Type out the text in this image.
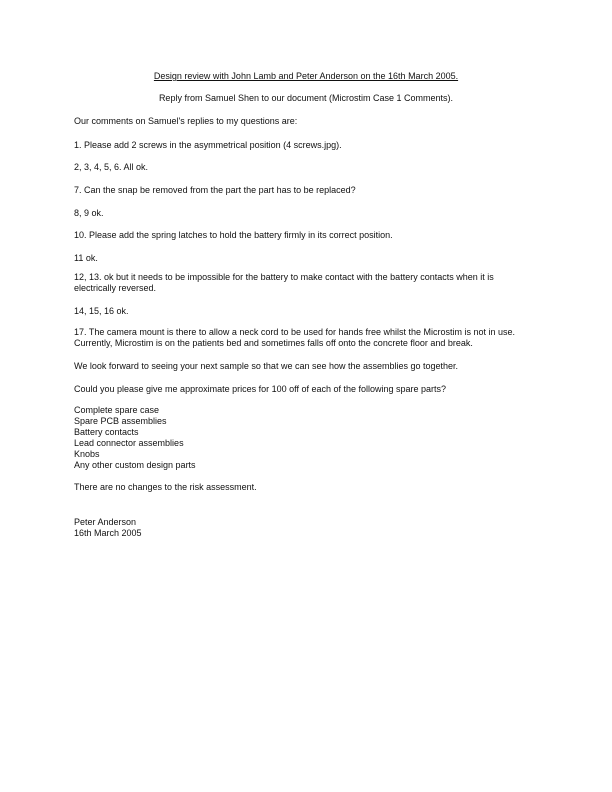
Design review with John Lamb and Peter Anderson on the 16th March 2005.
Reply from Samuel Shen to our document (Microstim Case 1 Comments).
Our comments on Samuel's replies to my questions are:
1. Please add 2 screws in the asymmetrical position (4 screws.jpg).
2, 3, 4, 5, 6. All ok.
7. Can the snap be removed from the part the part has to be replaced?
8, 9 ok.
10. Please add the spring latches to hold the battery firmly in its correct position.
11 ok.
12, 13. ok but it needs to be impossible for the battery to make contact with the battery contacts when it is electrically reversed.
14, 15, 16 ok.
17. The camera mount is there to allow a neck cord to be used for hands free whilst the Microstim is not in use. Currently, Microstim is on the patients bed and sometimes falls off onto the concrete floor and break.
We look forward to seeing your next sample so that we can see how the assemblies go together.
Could you please give me approximate prices for 100 off of each of the following spare parts?
Complete spare case
Spare PCB assemblies
Battery contacts
Lead connector assemblies
Knobs
Any other custom design parts
There are no changes to the risk assessment.
Peter Anderson
16th March 2005
